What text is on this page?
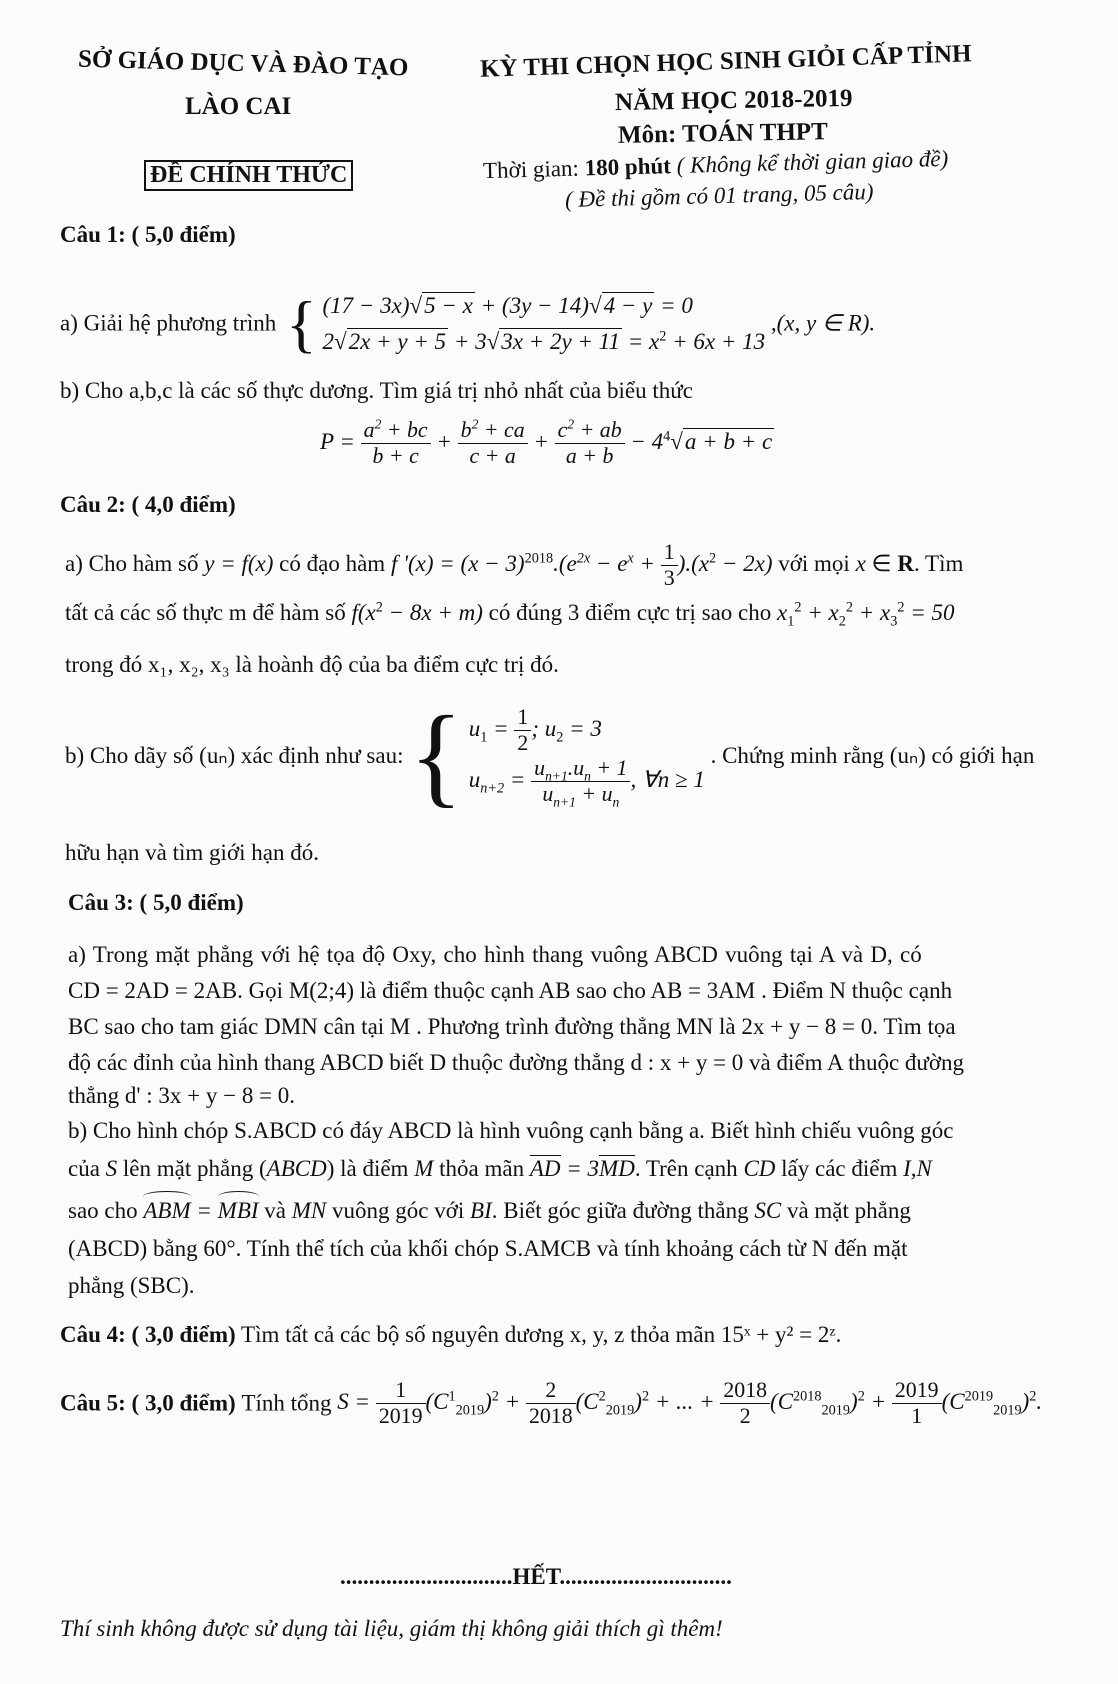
SỞ GIÁO DỤC VÀ ĐÀO TẠO
LÀO CAI
ĐỀ CHÍNH THỨC
KỲ THI CHỌN HỌC SINH GIỎI CẤP TỈNH
NĂM HỌC 2018-2019
Môn: TOÁN THPT
Thời gian: 180 phút ( Không kể thời gian giao đề)
( Đề thi gồm có 01 trang, 05 câu)
Câu 1: ( 5,0 điểm)
a) Giải hệ phương trình { (17 − 3x)√5 − x + (3y − 14)√4 − y = 0
$2√2x + y + 5 + 3√3x + 2y + 11 = x^2 + 6x + 13$
,(x, y ∈ R).
b) Cho a,b,c là các số thực dương. Tìm giá trị nhỏ nhất của biểu thức
$P = \frac{a^2 + bc}{b + c} + \frac{b^2 + ca}{c + a} + \frac{c^2 + ab}{a + b} - 4^4√a + b + c$
Câu 2: ( 4,0 điểm)
a) Cho hàm số y = f(x) có đạo hàm f '$(x) = (x - 3)^{2018}.(e^{2x} - e^x + \frac{1}{3} ).(x^2 - 2x)$ với mọi x ∈ R. Tìm
tất cả các số thực m để hàm số $f(x^2 - 8x + m)$ có đúng 3 điểm cực trị sao cho $x_1^2 + x_2^2 + x_3^2 = 50$
trong đó x₁, x₂, x₃ là hoành độ của ba điểm cực trị đó.
b) Cho dãy số (uₙ) xác định như sau: { $u_1 = \frac{1}{2}$ ; $u_2 = 3$
$u_{n+2} = \frac{u_{n+1}.u_n + 1}{u_{n+1} + u_n}$ , ∀n ≥ 1
. Chứng minh rằng (uₙ) có giới hạn
hữu hạn và tìm giới hạn đó.
Câu 3: ( 5,0 điểm)
a) Trong mặt phẳng với hệ tọa độ Oxy, cho hình thang vuông ABCD vuông tại A và D, có
CD = 2AD = 2AB. Gọi M(2;4) là điểm thuộc cạnh AB sao cho AB = 3AM . Điểm N thuộc cạnh
BC sao cho tam giác DMN cân tại M . Phương trình đường thẳng MN là 2x + y − 8 = 0. Tìm tọa
độ các đỉnh của hình thang ABCD biết D thuộc đường thẳng d : x + y = 0 và điểm A thuộc đường
thẳng d' : 3x + y − 8 = 0.
b) Cho hình chóp S.ABCD có đáy ABCD là hình vuông cạnh bằng a. Biết hình chiếu vuông góc
của S lên mặt phẳng (ABCD) là điểm M thỏa mãn AD = 3MD. Trên cạnh CD lấy các điểm I,N
sao cho ABM = MBI và MN vuông góc với BI. Biết góc giữa đường thẳng SC và mặt phẳng
(ABCD) bằng 60°. Tính thể tích của khối chóp S.AMCB và tính khoảng cách từ N đến mặt
phẳng (SBC).
Câu 4: ( 3,0 điểm) Tìm tất cả các bộ số nguyên dương x, y, z thỏa mãn 15ˣ + y² = 2ᶻ.
Câu 5: ( 3,0 điểm) Tính tổng $S = \frac{1}{2019} (C^1_{2019})^2 + \frac{2}{2018} (C^2_{2019})^2$ + ... + $\frac{2018}{2} (C^{2018}_{2019})^2 + \frac{2019}{1} (C^{2019}_{2019})^2$.
..............................HẾT..............................
Thí sinh không được sử dụng tài liệu, giám thị không giải thích gì thêm!
